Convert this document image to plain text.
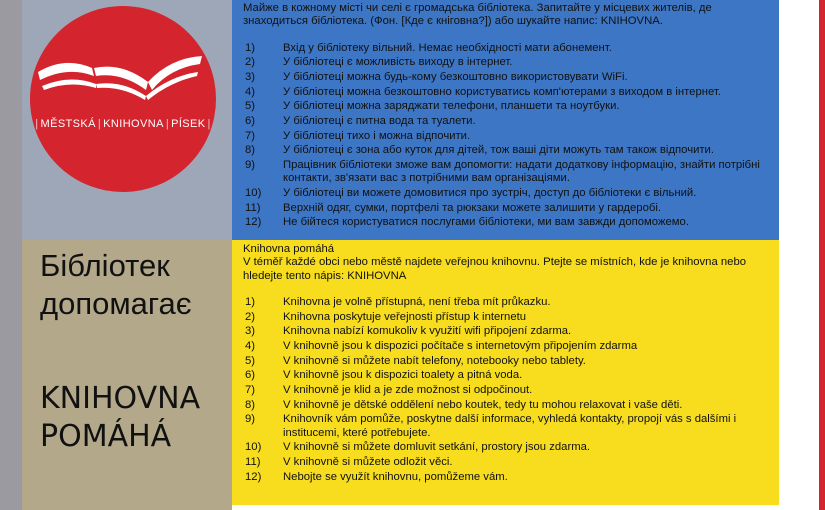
| MĚSTSKÁ | KNIHOVNA | PÍSEK |
Бібліотек допомагає
KNIHOVNA POMÁHÁ

Майже в кожному місті чи селі є громадська бібліотека. Запитайте у місцевих жителів, де знаходиться бібліотека. (Фон. [Кде є кніговна?]) або шукайте напис: KNIHOVNA.

1)	Вхід у бібліотеку вільний. Немає необхідності мати абонемент.
2)	У бібліотеці є можливість виходу в інтернет.
3)	У бібліотеці можна будь-кому безкоштовно використовувати WiFi.
4)	У бібліотеці можна безкоштовно користуватись комп'ютерами з виходом в інтернет.
5)	У бібліотеці можна заряджати телефони, планшети та ноутбуки.
6)	У бібліотеці є питна вода та туалети.
7)	У бібліотеці тихо і можна відпочити.
8)	У бібліотеці є зона або куток для дітей, тож ваші діти можуть там також відпочити.
9)	Працівник бібліотеки зможе вам допомогти: надати додаткову інформацію, знайти потрібні контакти, зв'язати вас з потрібними вам організаціями.
10)	У бібліотеці ви можете домовитися про зустріч, доступ до бібліотеки є вільний.
11)	Верхній одяг, сумки, портфелі та рюкзаки можете залишити у гардеробі.
12)	Не бійтеся користуватися послугами бібліотеки, ми вам завжди допоможемо.

Knihovna pomáhá

V téměř každé obci nebo městě najdete veřejnou knihovnu. Ptejte se místních, kde je knihovna nebo hledejte tento nápis: KNIHOVNA

1)	Knihovna je volně přístupná, není třeba mít průkazku.
2)	Knihovna poskytuje veřejnosti přístup k internetu
3)	Knihovna nabízí komukoliv k využití wifi připojení zdarma.
4)	V knihovně jsou k dispozici počítače s internetovým připojením zdarma
5)	V knihovně si můžete nabít telefony, notebooky nebo tablety.
6)	V knihovně jsou k dispozici toalety a pitná voda.
7)	V knihovně je klid a je zde možnost si odpočinout.
8)	V knihovně je dětské oddělení nebo koutek, tedy tu mohou relaxovat i vaše děti.
9)	Knihovník vám pomůže, poskytne další informace, vyhledá kontakty, propojí vás s dalšími i institucemi, které potřebujete.
10)	V knihovně si můžete domluvit setkání, prostory jsou zdarma.
11)	V knihovně si můžete odložit věci.
12)	Nebojte se využít knihovnu, pomůžeme vám.
